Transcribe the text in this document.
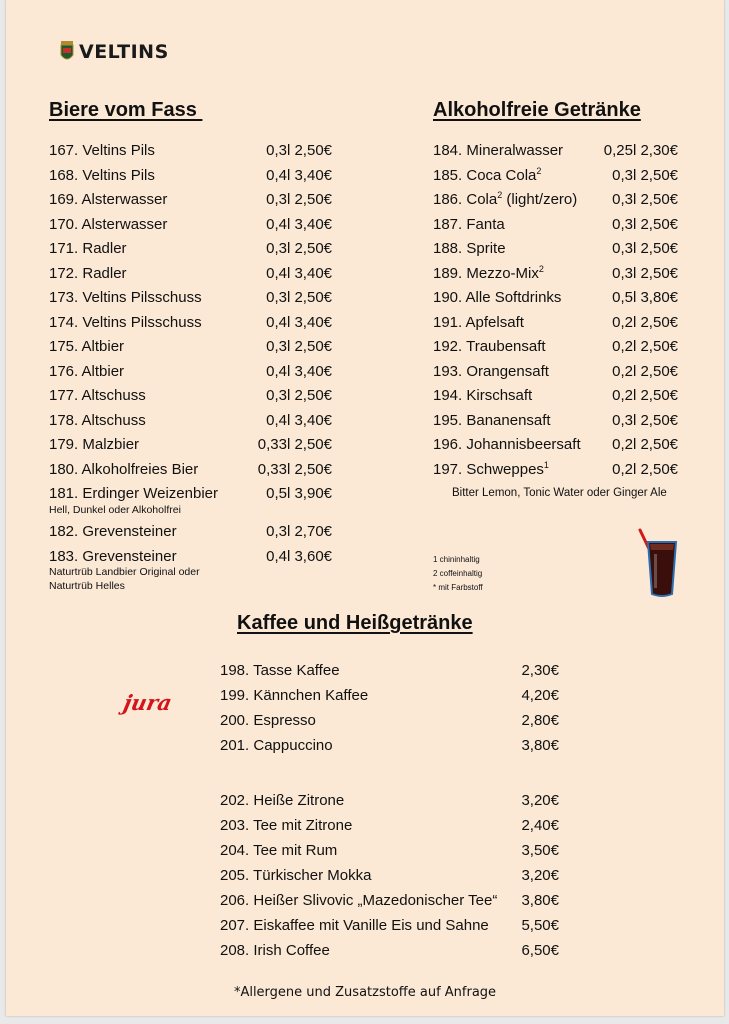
VELTINS
Biere vom Fass
167. Veltins Pils	0,3l 2,50€
168. Veltins Pils	0,4l 3,40€
169. Alsterwasser	0,3l 2,50€
170. Alsterwasser	0,4l 3,40€
171. Radler	0,3l 2,50€
172. Radler	0,4l 3,40€
173. Veltins Pilsschuss	0,3l 2,50€
174. Veltins Pilsschuss	0,4l 3,40€
175. Altbier	0,3l 2,50€
176. Altbier	0,4l 3,40€
177. Altschuss	0,3l 2,50€
178. Altschuss	0,4l 3,40€
179. Malzbier	0,33l 2,50€
180. Alkoholfreies Bier	0,33l 2,50€
181. Erdinger Weizenbier	0,5l 3,90€
182. Grevensteiner	0,3l 2,70€
183. Grevensteiner	0,4l 3,60€
Hell, Dunkel oder Alkoholfrei
Naturtrüb Landbier Original oder
Naturtrüb Helles
Alkoholfreie Getränke
184. Mineralwasser	0,25l 2,30€
185. Coca Cola$^2$	0,3l 2,50€
186. Cola$^2$ (light/zero) 0,3l 2,50€
187. Fanta	0,3l 2,50€
188. Sprite	0,3l 2,50€
189. Mezzo-Mix$^2$	0,3l 2,50€
190. Alle Softdrinks	0,5l 3,80€
191. Apfelsaft	0,2l 2,50€
192. Traubensaft	0,2l 2,50€
193. Orangensaft	0,2l 2,50€
194. Kirschsaft	0,2l 2,50€
195. Bananensaft	0,3l 2,50€
196. Johannisbeersaft 0,2l 2,50€
197. Schweppes$^1$	0,2l 2,50€
Bitter Lemon, Tonic Water oder Ginger Ale
1 chininhaltig
2 coffeinhaltig
* mit Farbstoff
Kaffee und Heißgetränke
jura
198. Tasse Kaffee	2,30€
199. Kännchen Kaffee	4,20€
200. Espresso	2,80€
201. Cappuccino	3,80€
202. Heiße Zitrone	3,20€
203. Tee mit Zitrone	2,40€
204. Tee mit Rum	3,50€
205. Türkischer Mokka	3,20€
206. Heißer Slivovic „Mazedonischer Tee“ 3,80€
207. Eiskaffee mit Vanille Eis und Sahne 5,50€
208. Irish Coffee	6,50€
*Allergene und Zusatzstoffe auf Anfrage
